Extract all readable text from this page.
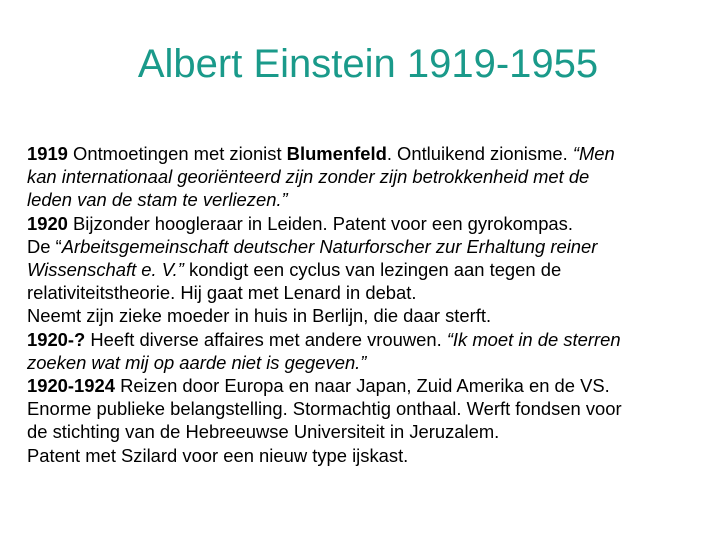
Albert Einstein 1919-1955
1919 Ontmoetingen met zionist Blumenfeld. Ontluikend zionisme. “Men
kan internationaal georiënteerd zijn zonder zijn betrokkenheid met de
leden van de stam te verliezen.”
1920 Bijzonder hoogleraar in Leiden. Patent voor een gyrokompas.
De “Arbeitsgemeinschaft deutscher Naturforscher zur Erhaltung reiner
Wissenschaft e. V.” kondigt een cyclus van lezingen aan tegen de
relativiteitstheorie. Hij gaat met Lenard in debat.
Neemt zijn zieke moeder in huis in Berlijn, die daar sterft.
1920-? Heeft diverse affaires met andere vrouwen. “Ik moet in de sterren
zoeken wat mij op aarde niet is gegeven.”
1920-1924 Reizen door Europa en naar Japan, Zuid Amerika en de VS.
Enorme publieke belangstelling. Stormachtig onthaal. Werft fondsen voor
de stichting van de Hebreeuwse Universiteit in Jeruzalem.
Patent met Szilard voor een nieuw type ijskast.
